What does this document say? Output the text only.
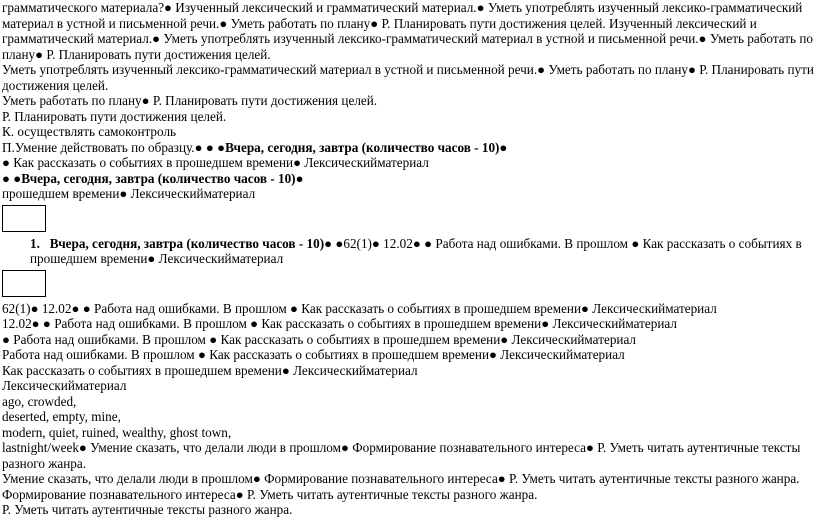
грамматического материала?● Изученный лексический и грамматический материал.● Уметь употреблять изученный лексико-грамматический материал в устной и письменной речи.● Уметь работать по плану● Р. Планировать пути достижения целей. Изученный лексический и грамматический материал.● Уметь употреблять изученный лексико-грамматический материал в устной и письменной речи.● Уметь работать по плану● Р. Планировать пути достижения целей.

Уметь употреблять изученный лексико-грамматический материал в устной и письменной речи.● Уметь работать по плану● Р. Планировать пути достижения целей.

Уметь работать по плану● Р. Планировать пути достижения целей.

Р. Планировать пути достижения целей.

К. осуществлять самоконтроль

П.Умение действовать по образцу.● ● ●Вчера, сегодня, завтра (количество часов - 10)●

● Как рассказать о событиях в прошедшем времени● Лексическийматериал

● ●Вчера, сегодня, завтра (количество часов - 10)●

прошедшем времени● Лексическийматериал

1. Вчера, сегодня, завтра (количество часов - 10)● ●62(1)● 12.02● ● Работа над ошибками. В прошлом ● Как рассказать о событиях в прошедшем времени● Лексическийматериал

62(1)● 12.02● ● Работа над ошибками. В прошлом ● Как рассказать о событиях в прошедшем времени● Лексическийматериал

12.02● ● Работа над ошибками. В прошлом ● Как рассказать о событиях в прошедшем времени● Лексическийматериал

● Работа над ошибками. В прошлом ● Как рассказать о событиях в прошедшем времени● Лексическийматериал

Работа над ошибками. В прошлом ● Как рассказать о событиях в прошедшем времени● Лексическийматериал

Как рассказать о событиях в прошедшем времени● Лексическийматериал

Лексическийматериал

ago, crowded,

deserted, empty, mine,

modern, quiet, ruined, wealthy, ghost town,

lastnight/week● Умение сказать, что делали люди в прошлом● Формирование познавательного интереса● Р. Уметь читать аутентичные тексты разного жанра.

Умение сказать, что делали люди в прошлом● Формирование познавательного интереса● Р. Уметь читать аутентичные тексты разного жанра.

Формирование познавательного интереса● Р. Уметь читать аутентичные тексты разного жанра.

Р. Уметь читать аутентичные тексты разного жанра.
